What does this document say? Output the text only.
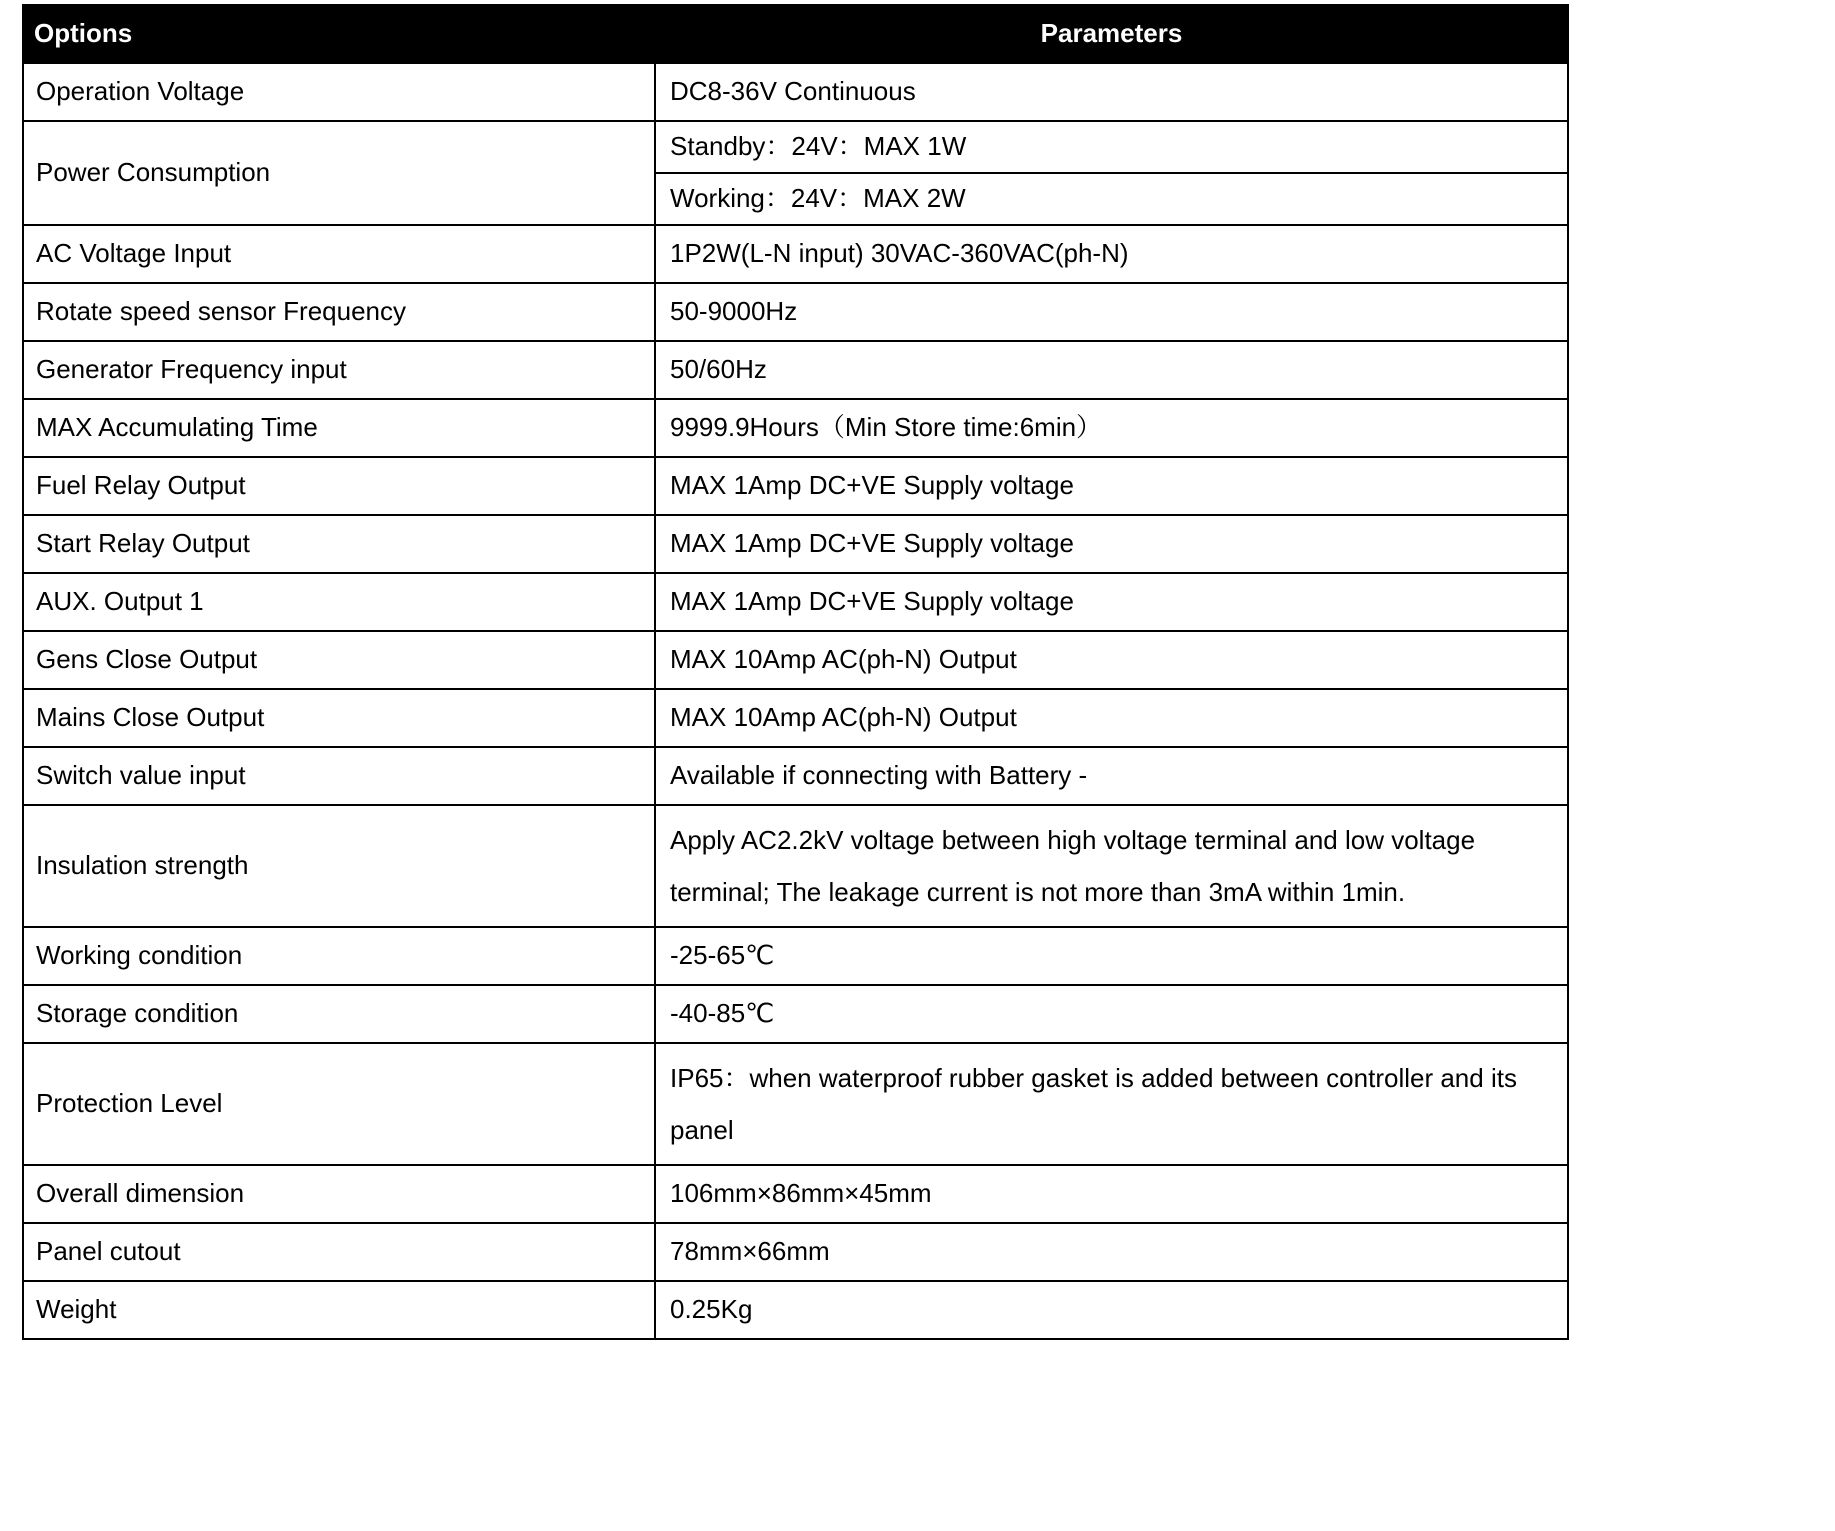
Options	Parameters
Operation Voltage	DC8-36V Continuous
Power Consumption	Standby：24V：MAX 1W
	Working：24V：MAX 2W
AC Voltage Input	1P2W(L-N input) 30VAC-360VAC(ph-N)
Rotate speed sensor Frequency	50-9000Hz
Generator Frequency input	50/60Hz
MAX Accumulating Time	9999.9Hours（Min Store time:6min）
Fuel Relay Output	MAX 1Amp DC+VE Supply voltage
Start Relay Output	MAX 1Amp DC+VE Supply voltage
AUX. Output 1	MAX 1Amp DC+VE Supply voltage
Gens Close Output	MAX 10Amp AC(ph-N) Output
Mains Close Output	MAX 10Amp AC(ph-N) Output
Switch value input	Available if connecting with Battery -
Insulation strength	Apply AC2.2kV voltage between high voltage terminal and low voltage terminal; The leakage current is not more than 3mA within 1min.
Working condition	-25-65℃
Storage condition	-40-85℃
Protection Level	IP65：when waterproof rubber gasket is added between controller and its panel
Overall dimension	106mm×86mm×45mm
Panel cutout	78mm×66mm
Weight	0.25Kg
